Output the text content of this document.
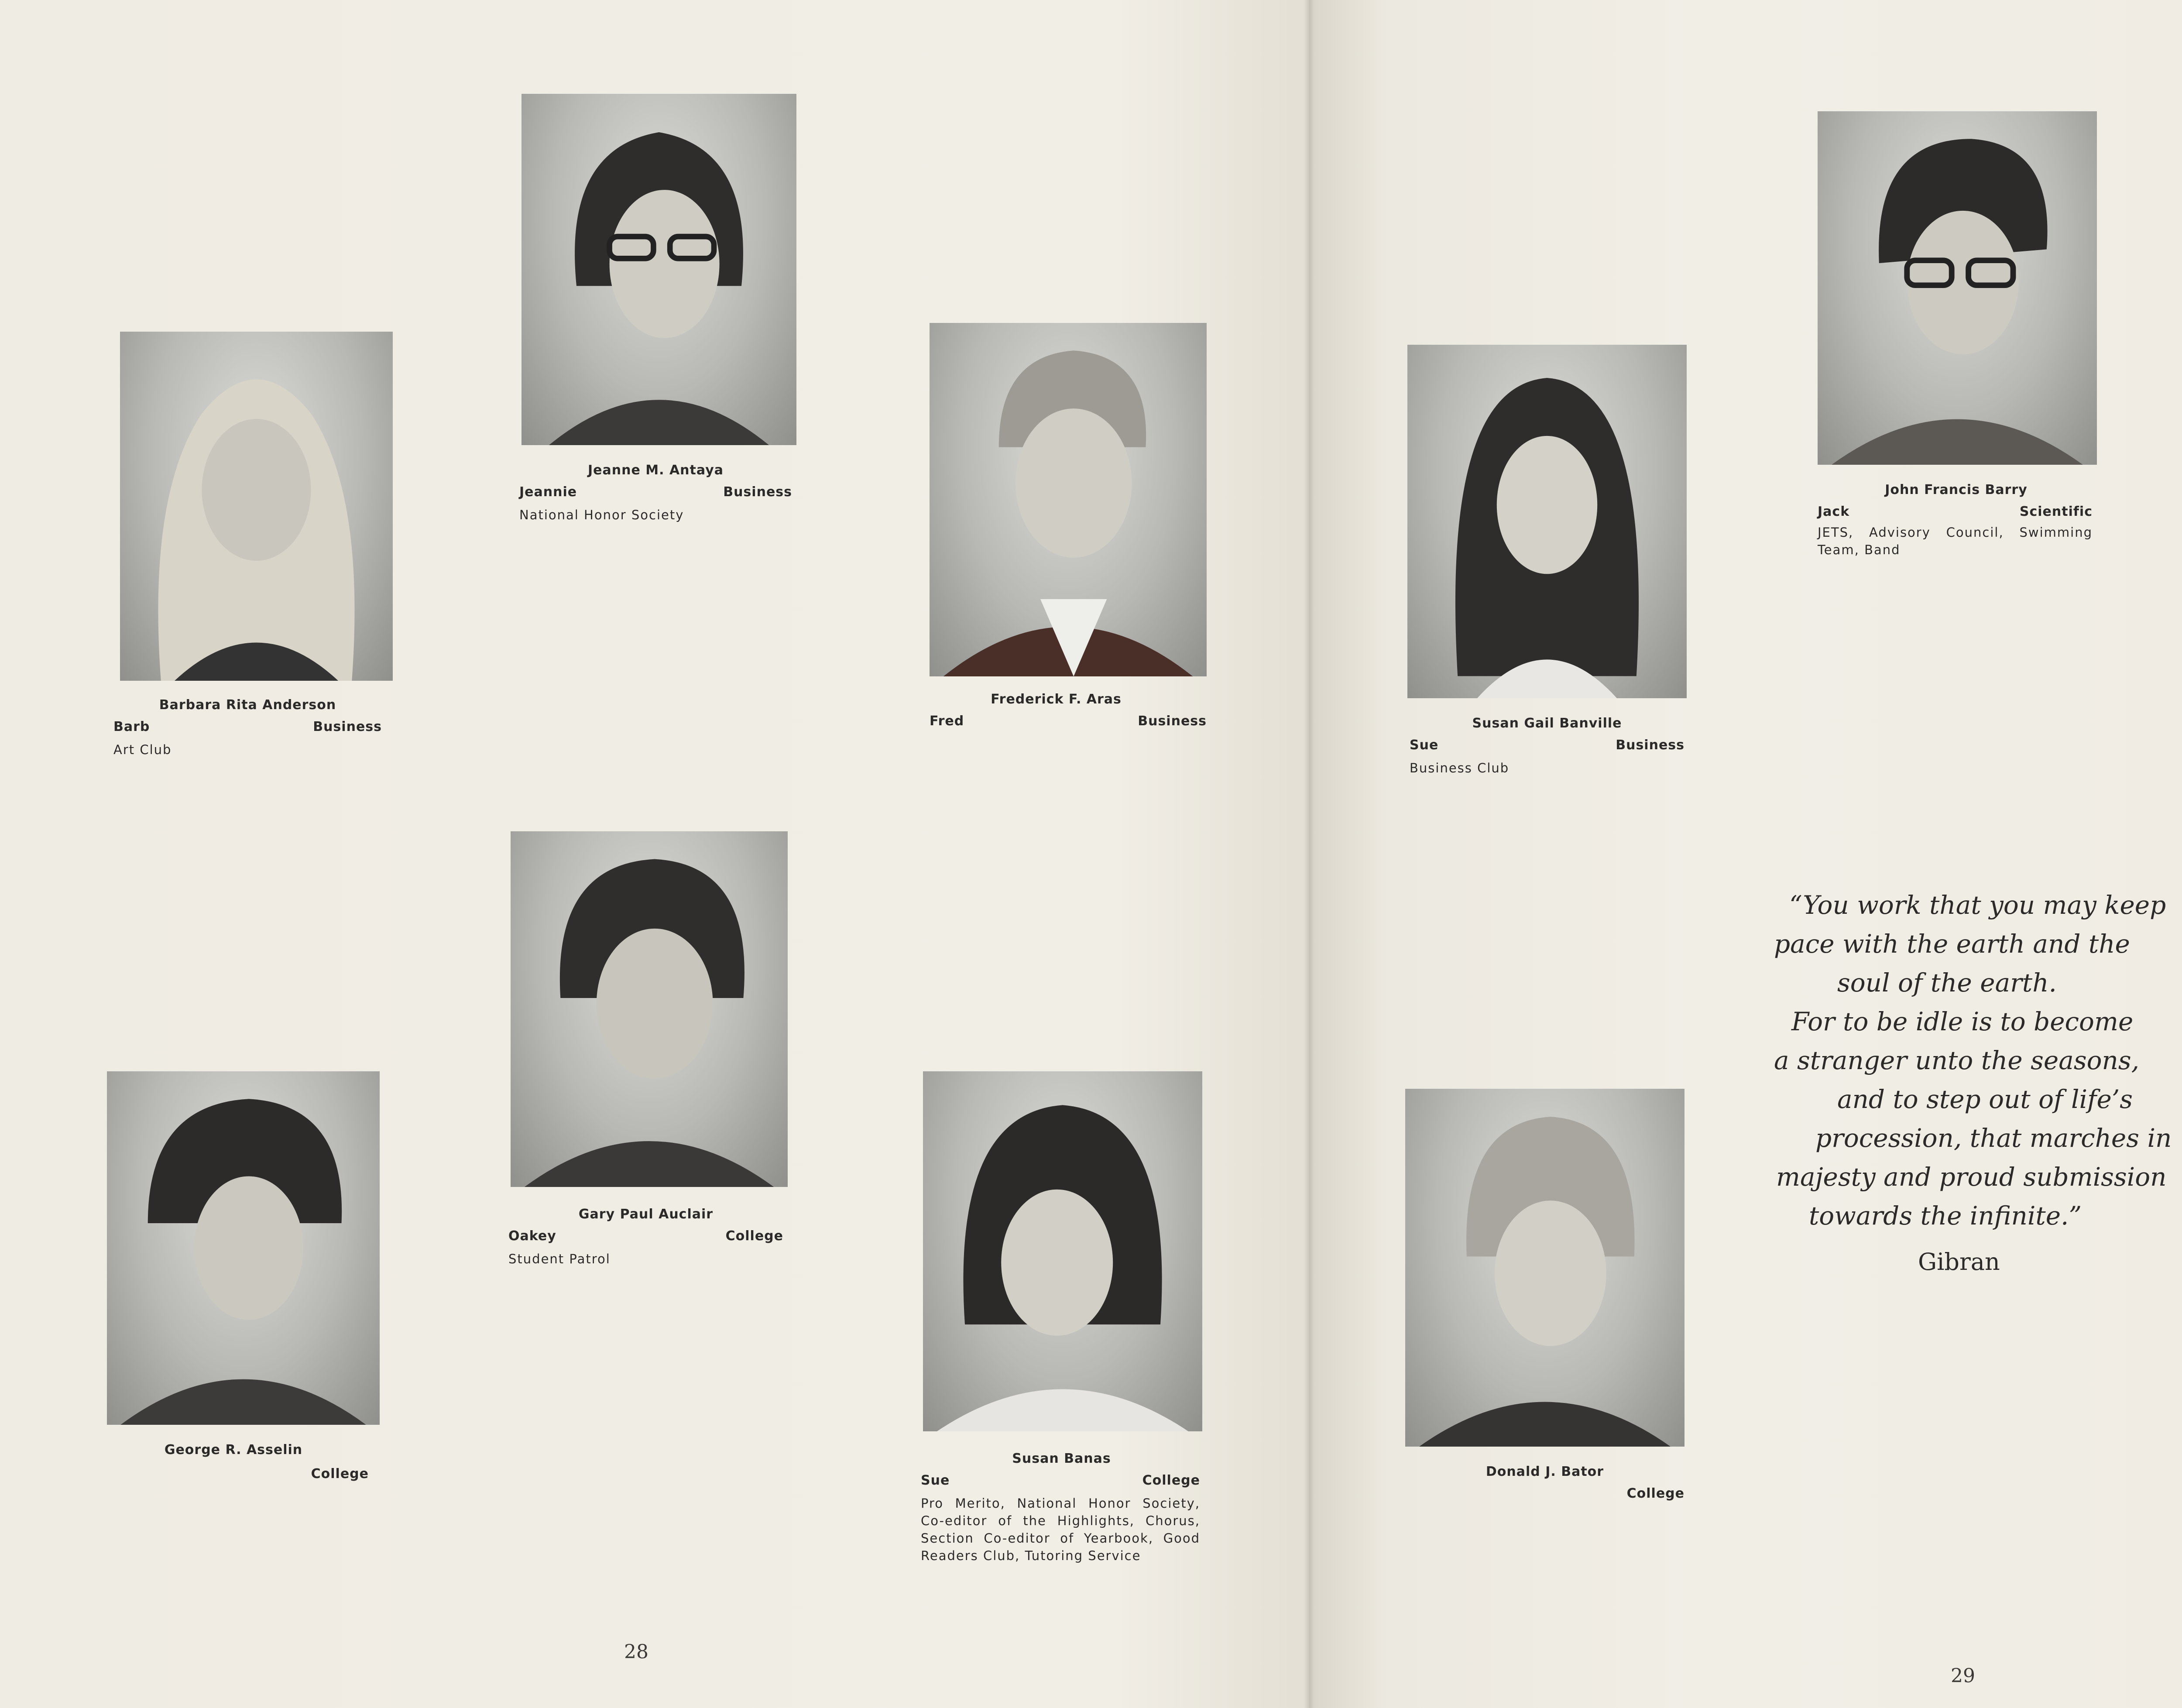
Barbara Rita Anderson
Barb	Business
Art Club
Jeanne M. Antaya
Jeannie	Business
National Honor Society
Frederick F. Aras
Fred	Business
Gary Paul Auclair
Oakey	College
Student Patrol
George R. Asselin
College
Susan Banas
Sue	College
Pro Merito, National Honor Society, Co-editor of the Highlights, Chorus, Section Co-editor of Yearbook, Good Readers Club, Tutoring Service
28
Susan Gail Banville
Sue	Business
Business Club
John Francis Barry
Jack	Scientific
JETS, Advisory Council, Swimming Team, Band
“You work that you may keep
pace with the earth and the
soul of the earth.
For to be idle is to become
a stranger unto the seasons,
and to step out of life’s
procession, that marches in
majesty and proud submission
towards the infinite.”
Gibran
Donald J. Bator
College
29
